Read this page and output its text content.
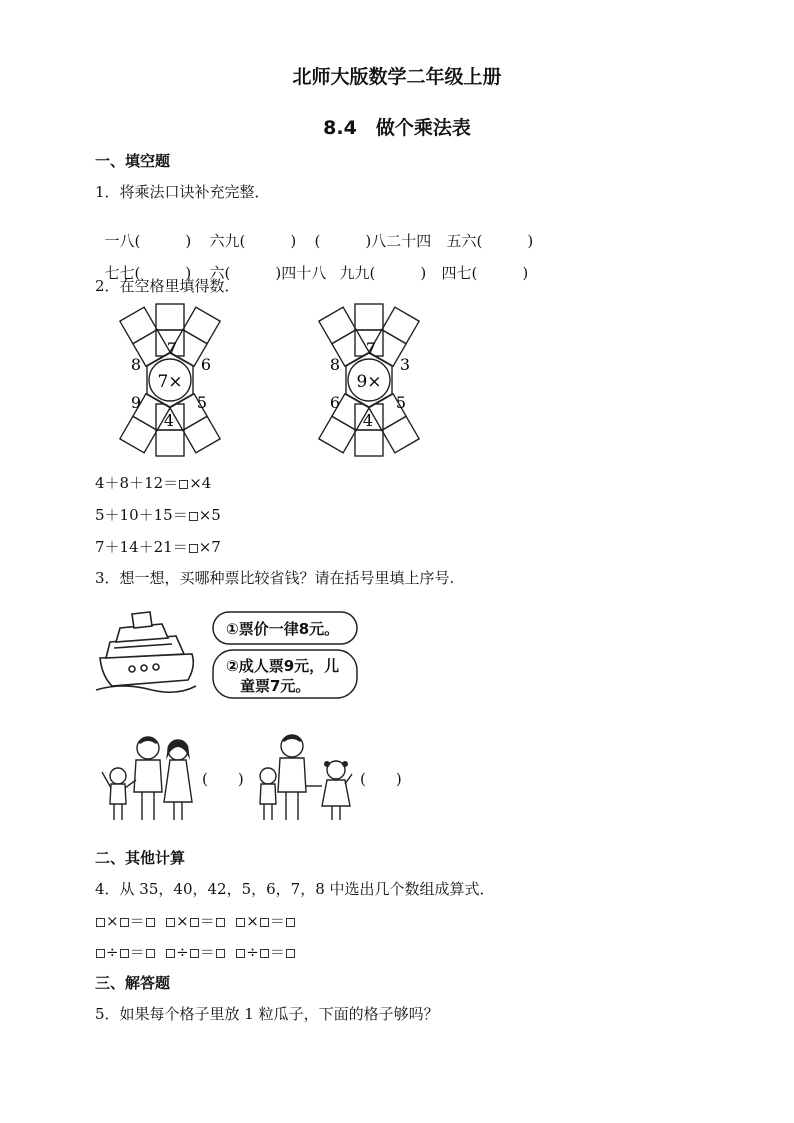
北师大版数学二年级上册
8.4　做个乘法表
一、填空题
1．将乘法口诀补充完整．

一八(　　　) 六九(　　　) (　　　)八二十四 五六(　　　)

七七(　　　) 六(　　　)四十八 九九(　　　) 四七(　　　)

2．在空格里填得数．
7×
7
6
5
4
9
8
9×
7
3
5
4
6
8
4＋8＋12＝ ×4
5＋10＋15＝ ×5
7＋14＋21＝ ×7
3．想一想，买哪种票比较省钱？请在括号里填上序号.
①票价一律8元。
②成人票9元，儿
童票7元。
(　　)	(　　)
二、其他计算
4．从 35，40，42，5，6，7，8 中选出几个数组成算式．
× ＝ × ＝ × ＝
÷ ＝ ÷ ＝ ÷ ＝
三、解答题
5．如果每个格子里放 1 粒瓜子，下面的格子够吗？
